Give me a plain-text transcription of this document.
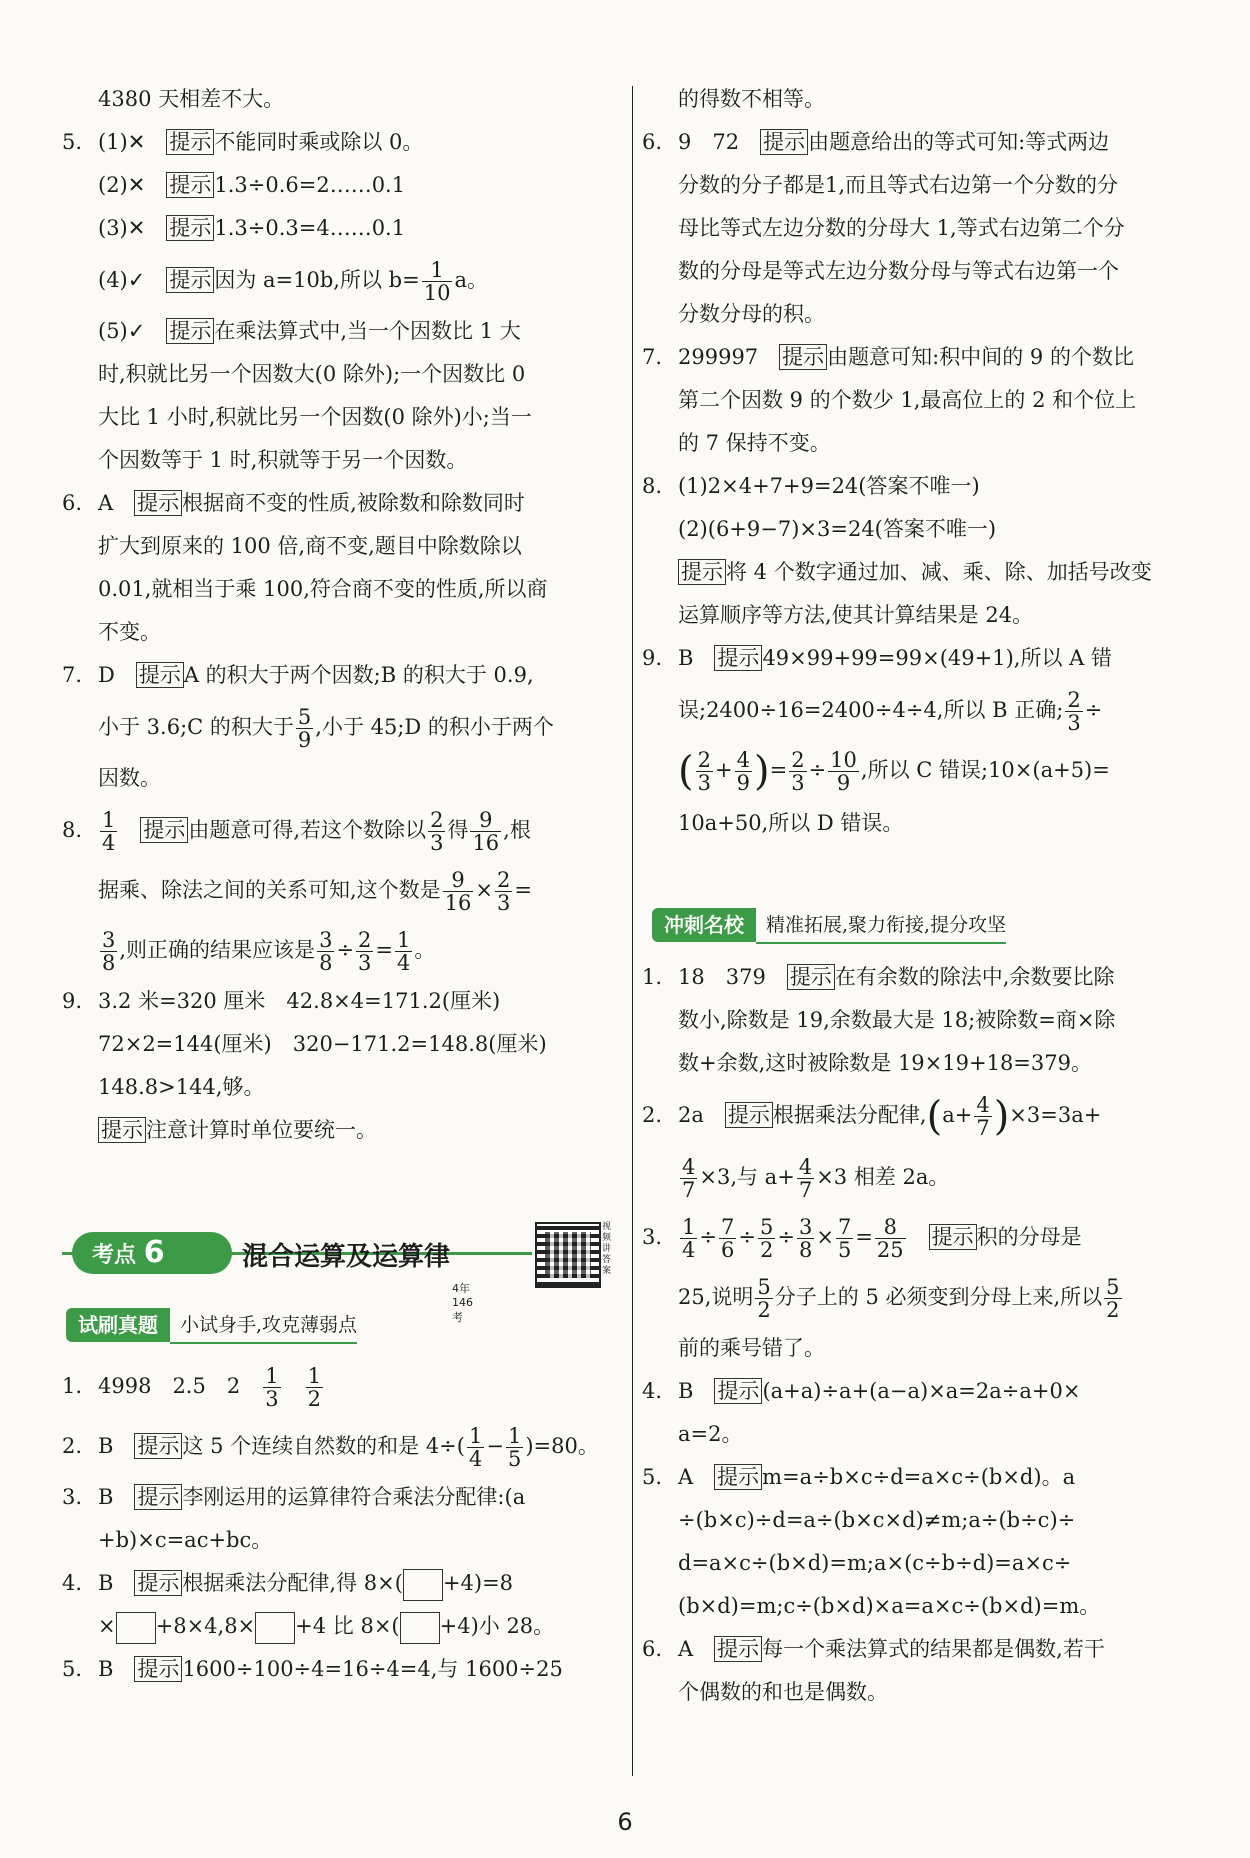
4380 天相差不大。
5. (1)✕　 提示 不能同时乘或除以 0。
(2)✕　 提示 1.3÷0.6=2……0.1
(3)✕　 提示 1.3÷0.3=4……0.1
(4)✓　 提示 因为 a=10b,所以 $b= \frac{1}{10}$ a。
(5)✓　 提示 在乘法算式中,当一个因数比 1 大
时,积就比另一个因数大(0 除外);一个因数比 0
大比 1 小时,积就比另一个因数(0 除外)小;当一
个因数等于 1 时,积就等于另一个因数。
6. A　 提示 根据商不变的性质,被除数和除数同时
扩大到原来的 100 倍,商不变,题目中除数除以
0.01,就相当于乘 100,符合商不变的性质,所以商
不变。
7. D　 提示 A 的积大于两个因数;B 的积大于 0.9,
小于 3.6;C 的积大于 $\frac{5}{9}$ ,小于 45;D 的积小于两个
因数。
8. $\frac{1}{4}$
　 提示 由题意可得,若这个数除以 $\frac{2}{3}$ 得 $\frac{9}{16}$ ,根
据乘、除法之间的关系可知,这个数是 $\frac{9}{16} \times \frac{2}{3}$ =
$\frac{3}{8}$ ,则正确的结果应该是 $\frac{3}{8} \div \frac{2}{3} = \frac{1}{4}$ 。
9. 3.2 米=320 厘米　42.8×4=171.2(厘米)
72×2=144(厘米)　320−171.2=148.8(厘米)
148.8>144,够。
提示 注意计算时单位要统一。
考点 6	混合运算及运算律
4年146考
视频讲答案
试刷真题 小试身手,攻克薄弱点
1. 4998　2.5　2　 $\frac{1}{3}$
　 $\frac{1}{2}$
2. B　 提示 这 5 个连续自然数的和是 $4\div( \frac{1}{4} - \frac{1}{5} )=80$。
3. B　 提示 李刚运用的运算律符合乘法分配律:(a
+b)×c=ac+bc。
4. B　 提示 根据乘法分配律,得 8×( +4)=8
× +8×4,8× +4 比 8×( +4)小 28。
5. B　 提示 1600÷100÷4=16÷4=4,与 1600÷25
的得数不相等。
6. 9　72　 提示 由题意给出的等式可知:等式两边
分数的分子都是1,而且等式右边第一个分数的分
母比等式左边分数的分母大 1,等式右边第二个分
数的分母是等式左边分数分母与等式右边第一个
分数分母的积。
7. 299997　 提示 由题意可知:积中间的 9 的个数比
第二个因数 9 的个数少 1,最高位上的 2 和个位上
的 7 保持不变。
8. (1)2×4+7+9=24(答案不唯一)
(2)(6+9−7)×3=24(答案不唯一)
提示 将 4 个数字通过加、减、乘、除、加括号改变
运算顺序等方法,使其计算结果是 24。
9. B　 提示 49×99+99=99×(49+1),所以 A 错
误;2400÷16=2400÷4÷4,所以 B 正确; $\frac{2}{3}$ ÷
( $\frac{2}{3} + \frac{4}{9}$ )= $\frac{2}{3} \div \frac{10}{9}$ ,所以 C 错误;10×(a+5)=
10a+50,所以 D 错误。
冲刺名校 精准拓展,聚力衔接,提分攻坚
1. 18　379　 提示 在有余数的除法中,余数要比除
数小,除数是 19,余数最大是 18;被除数=商×除
数+余数,这时被除数是 19×19+18=379。
2. 2a　 提示 根据乘法分配律$,(a+ \frac{4}{7} )\times 3=3a+$
$\frac{4}{7} \times 3$,与 $a+ \frac{4}{7} \times 3$ 相差 2a。
3. $\frac{1}{4} \div \frac{7}{6} \div \frac{5}{2} \div \frac{3}{8} \times \frac{7}{5} = \frac{8}{25}$
　 提示 积的分母是
25,说明 $\frac{5}{2}$ 分子上的 5 必须变到分母上来,所以 $\frac{5}{2}$
前的乘号错了。
4. B　 提示 (a+a)÷a+(a−a)×a=2a÷a+0×
a=2。
5. A　 提示 m=a÷b×c÷d=a×c÷(b×d)。a
÷(b×c)÷d=a÷(b×c×d)≠m;a÷(b÷c)÷
d=a×c÷(b×d)=m;a×(c÷b÷d)=a×c÷
(b×d)=m;c÷(b×d)×a=a×c÷(b×d)=m。
6. A　 提示 每一个乘法算式的结果都是偶数,若干
个偶数的和也是偶数。
6
